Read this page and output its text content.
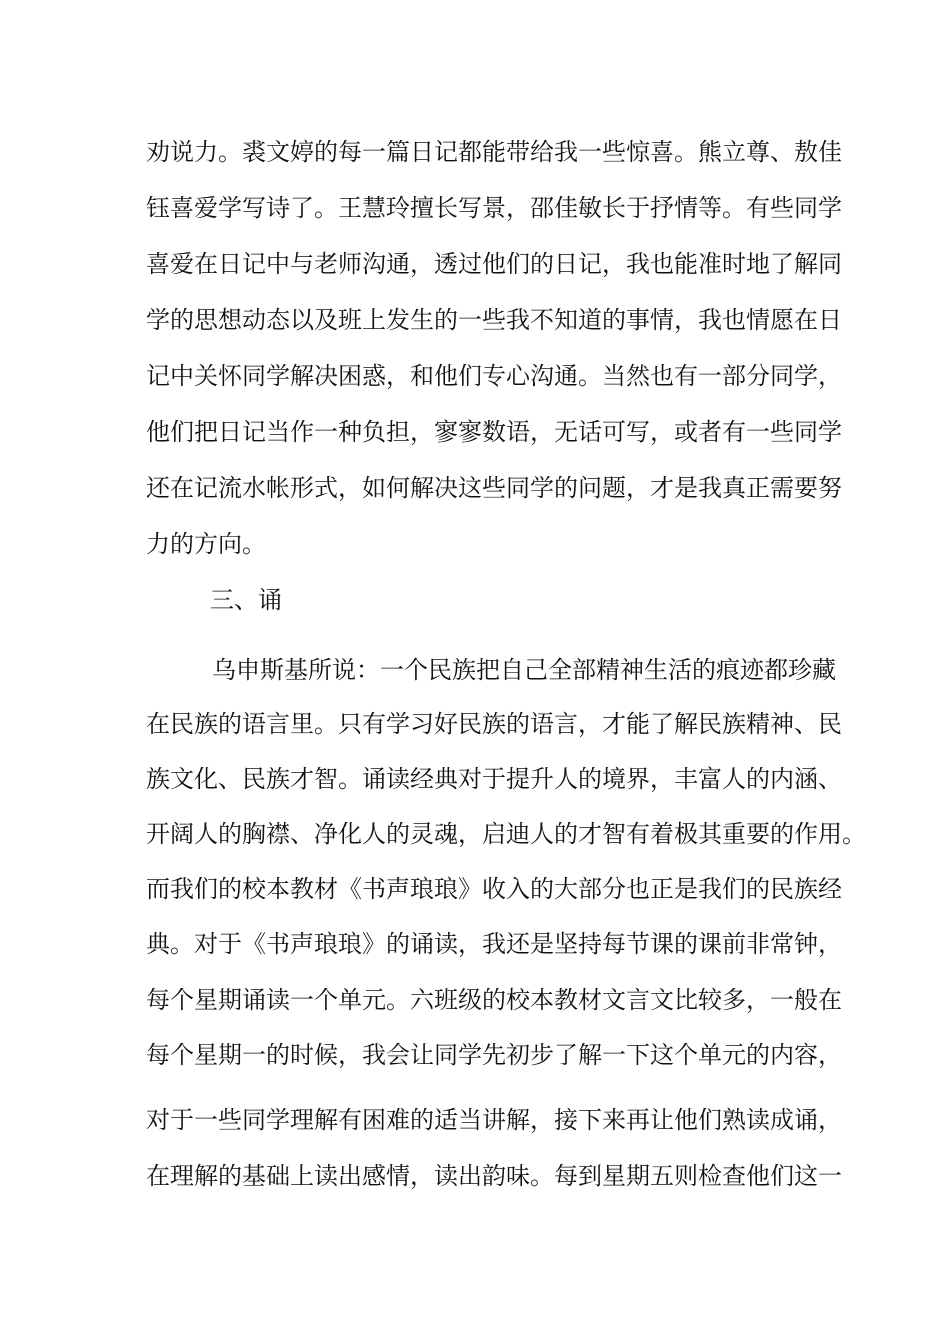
劝说力。裘文婷的每一篇日记都能带给我一些惊喜。熊立尊、敖佳

钰喜爱学写诗了。王慧玲擅长写景，邵佳敏长于抒情等。有些同学

喜爱在日记中与老师沟通，透过他们的日记，我也能准时地了解同

学的思想动态以及班上发生的一些我不知道的事情，我也情愿在日

记中关怀同学解决困惑，和他们专心沟通。当然也有一部分同学，

他们把日记当作一种负担，寥寥数语，无话可写，或者有一些同学

还在记流水帐形式，如何解决这些同学的问题，才是我真正需要努

力的方向。

三、诵

乌申斯基所说：一个民族把自己全部精神生活的痕迹都珍藏

在民族的语言里。只有学习好民族的语言，才能了解民族精神、民

族文化、民族才智。诵读经典对于提升人的境界，丰富人的内涵、

开阔人的胸襟、净化人的灵魂，启迪人的才智有着极其重要的作用。

而我们的校本教材《书声琅琅》收入的大部分也正是我们的民族经

典。对于《书声琅琅》的诵读，我还是坚持每节课的课前非常钟，

每个星期诵读一个单元。六班级的校本教材文言文比较多，一般在

每个星期一的时候，我会让同学先初步了解一下这个单元的内容，

对于一些同学理解有困难的适当讲解，接下来再让他们熟读成诵，

在理解的基础上读出感情，读出韵味。每到星期五则检查他们这一
